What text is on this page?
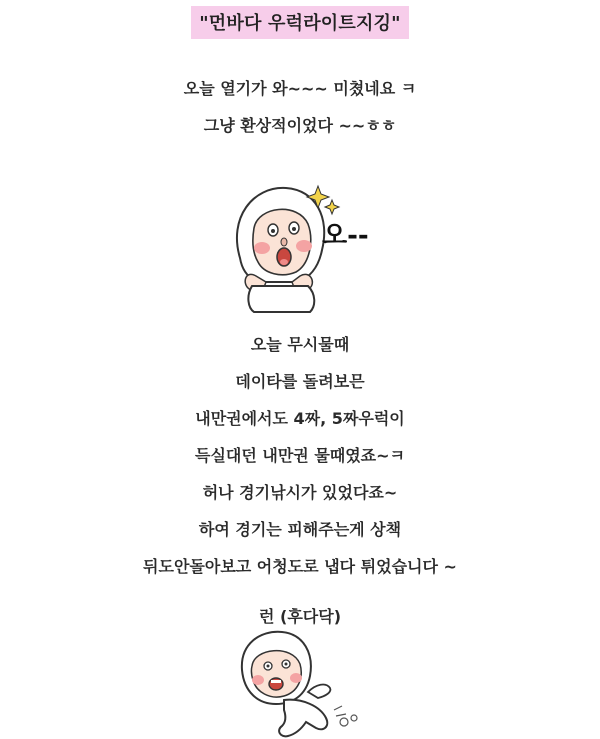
"먼바다 우럭라이트지깅"
오늘 열기가 와~~~ 미쳤네요 ㅋ
그냥 환상적이었다 ~~ㅎㅎ
오--
오늘 무시물때
데이타를 돌려보믄
내만권에서도 4짜, 5짜우럭이
득실대던 내만권 물때였죠~ㅋ
허나 경기낚시가 있었다죠~
하여 경기는 피해주는게 상책
뒤도안돌아보고 어청도로 냅다 튀었습니다 ~
런 (후다닥)
